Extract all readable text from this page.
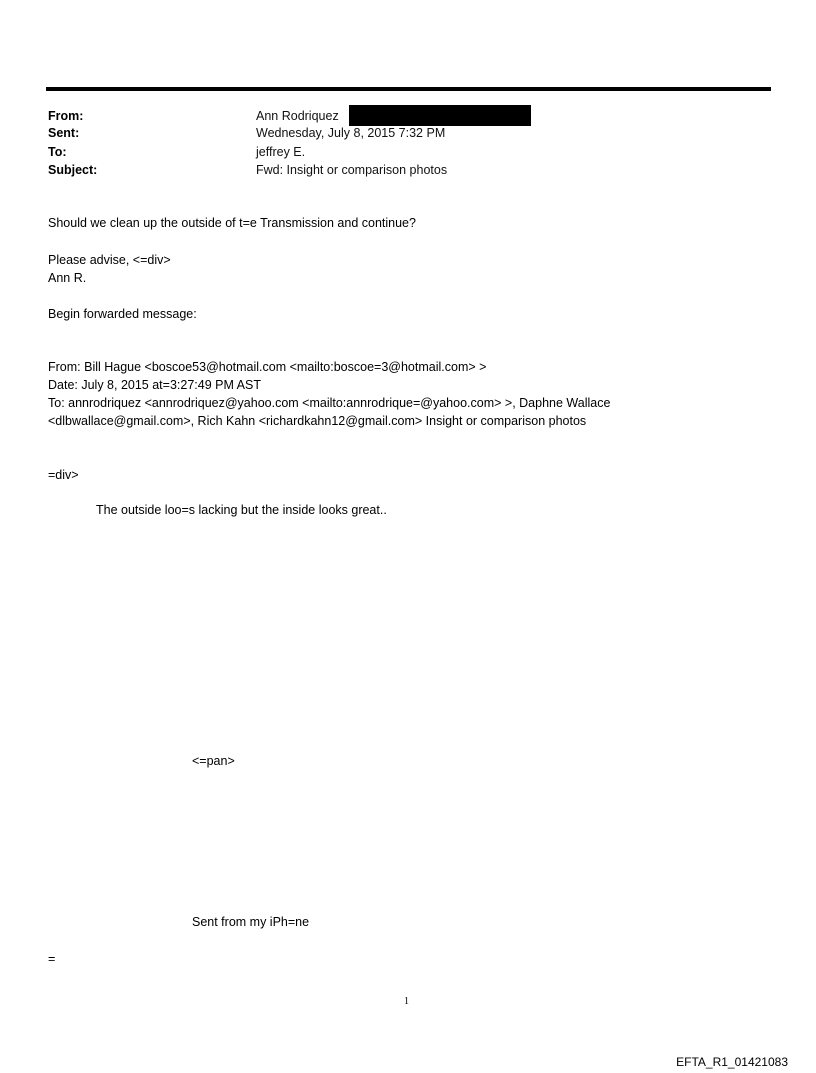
From:	Ann Rodriquez
Sent:	Wednesday, July 8, 2015 7:32 PM
To:	jeffrey E.
Subject:	Fwd: Insight or comparison photos
Should we clean up the outside of t=e Transmission and continue?
Please advise, <=div>
Ann R.
Begin forwarded message:
From: Bill Hague <boscoe53@hotmail.com <mailto:boscoe=3@hotmail.com> >
Date: July 8, 2015 at=3:27:49 PM AST
To: annrodriquez <annrodriquez@yahoo.com <mailto:annrodrique=@yahoo.com> >, Daphne Wallace
<dlbwallace@gmail.com>, Rich Kahn <richardkahn12@gmail.com> Insight or comparison photos
=div>
The outside loo=s lacking but the inside looks great..
<=pan>
Sent from my iPh=ne
=
1
EFTA_R1_01421083
